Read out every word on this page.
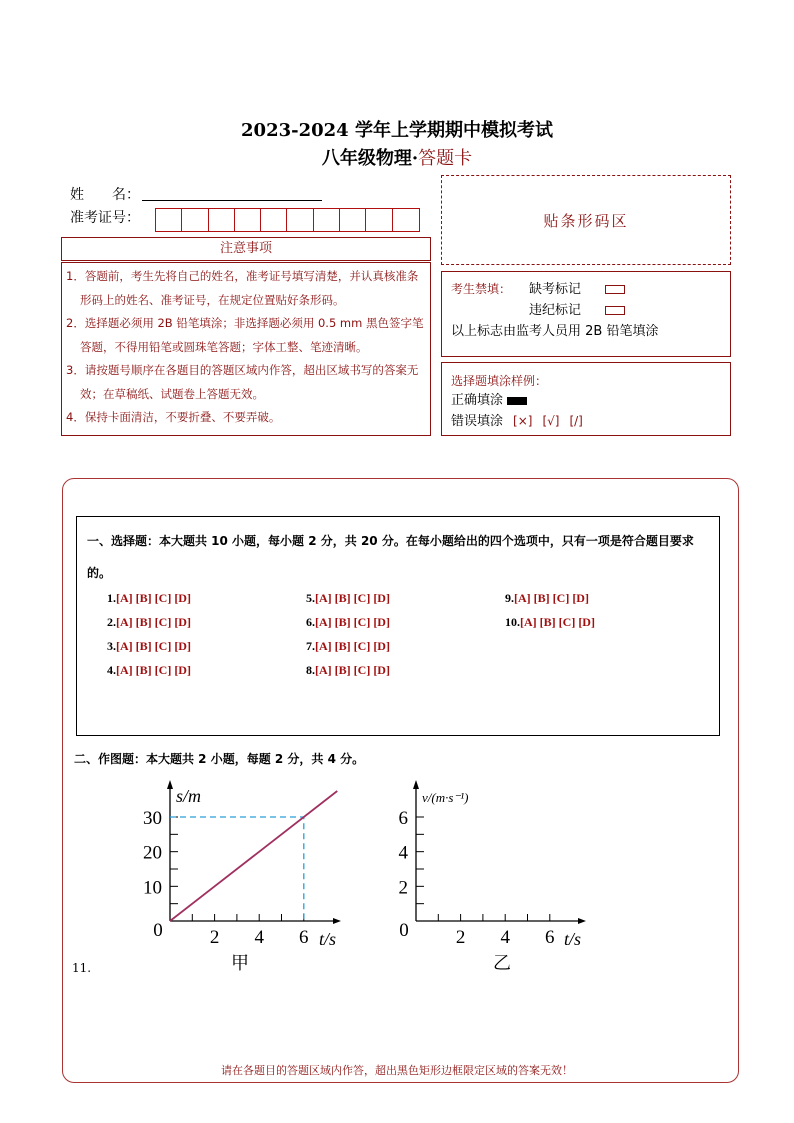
2023-2024 学年上学期期中模拟考试
八年级物理·答题卡
姓　　名：
准考证号：
注意事项

1．答题前，考生先将自己的姓名，准考证号填写清楚，并认真核准条形码上的姓名、准考证号，在规定位置贴好条形码。

2．选择题必须用 2B 铅笔填涂；非选择题必须用 0.5 mm 黑色签字笔答题，不得用铅笔或圆珠笔答题；字体工整、笔迹清晰。

3．请按题号顺序在各题目的答题区域内作答，超出区域书写的答案无效；在草稿纸、试题卷上答题无效。

4．保持卡面清洁，不要折叠、不要弄破。

贴条形码区
考生禁填： 缺考标记
违纪标记
以上标志由监考人员用 2B 铅笔填涂
选择题填涂样例：
正确填涂
错误填涂 [×] [√] [/]
一、选择题：本大题共 10 小题，每小题 2 分，共 20 分。在每小题给出的四个选项中，只有一项是符合题目要求的。
1.[A] [B] [C] [D]
2.[A] [B] [C] [D]
3.[A] [B] [C] [D]
4.[A] [B] [C] [D]
5.[A] [B] [C] [D]
6.[A] [B] [C] [D]
7.[A] [B] [C] [D]
8.[A] [B] [C] [D]
9.[A] [B] [C] [D]
10.[A] [B] [C] [D]
二、作图题：本大题共 2 小题，每题 2 分，共 4 分。
0 2 4 6
10
20
30
t/s
s/m
甲
0 2 4 6
2
4
6
t/s
v/(m·s⁻¹)
乙
11.
请在各题目的答题区域内作答，超出黑色矩形边框限定区域的答案无效！
